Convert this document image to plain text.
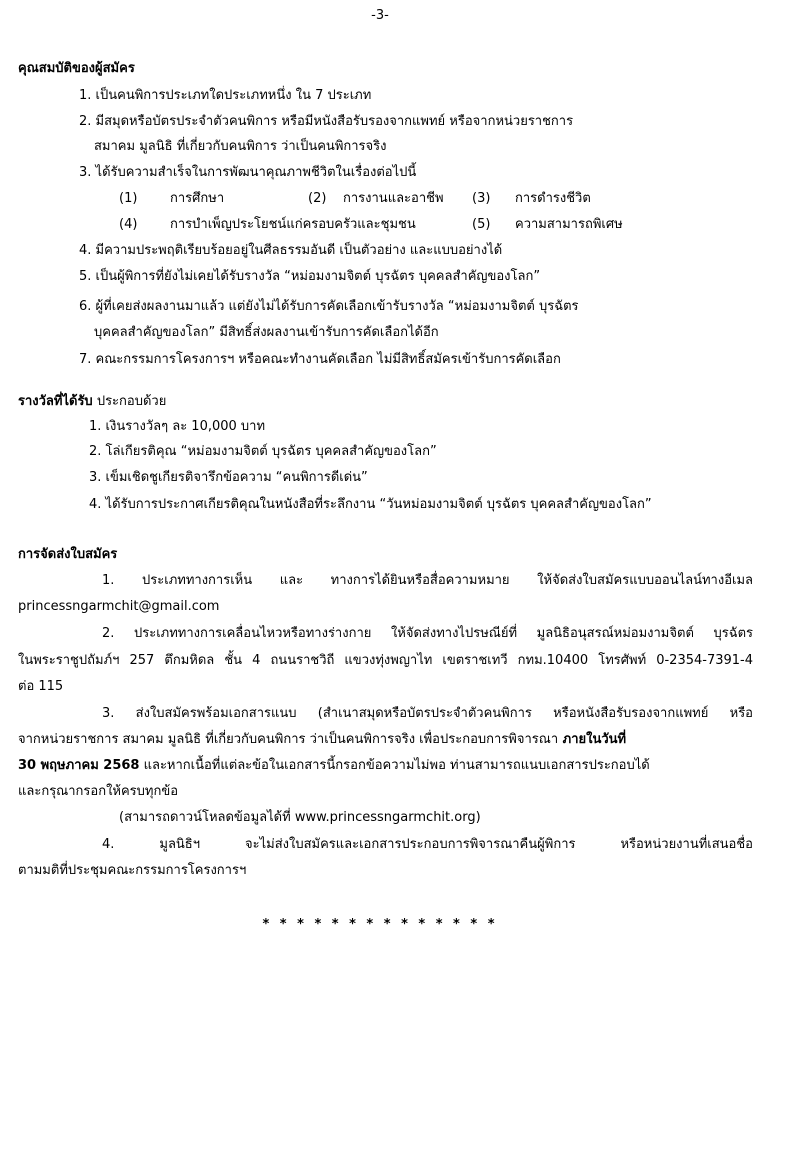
-3-
คุณสมบัติของผู้สมัคร
1. เป็นคนพิการประเภทใดประเภทหนึ่ง ใน 7 ประเภท
2. มีสมุดหรือบัตรประจำตัวคนพิการ หรือมีหนังสือรับรองจากแพทย์ หรือจากหน่วยราชการ
สมาคม มูลนิธิ ที่เกี่ยวกับคนพิการ ว่าเป็นคนพิการจริง
3. ได้รับความสำเร็จในการพัฒนาคุณภาพชีวิตในเรื่องต่อไปนี้
(1)	การศึกษา	(2) การงานและอาชีพ (3) การดำรงชีวิต
(4)	การบำเพ็ญประโยชน์แก่ครอบครัวและชุมชน	(5) ความสามารถพิเศษ
4. มีความประพฤติเรียบร้อยอยู่ในศีลธรรมอันดี เป็นตัวอย่าง และแบบอย่างได้
5. เป็นผู้พิการที่ยังไม่เคยได้รับรางวัล “หม่อมงามจิตต์ บุรฉัตร บุคคลสำคัญของโลก”
6. ผู้ที่เคยส่งผลงานมาแล้ว แต่ยังไม่ได้รับการคัดเลือกเข้ารับรางวัล “หม่อมงามจิตต์ บุรฉัตร
บุคคลสำคัญของโลก” มีสิทธิ์ส่งผลงานเข้ารับการคัดเลือกได้อีก
7. คณะกรรมการโครงการฯ หรือคณะทำงานคัดเลือก ไม่มีสิทธิ์สมัครเข้ารับการคัดเลือก
รางวัลที่ได้รับ ประกอบด้วย
1. เงินรางวัลๆ ละ 10,000 บาท
2. โล่เกียรติคุณ “หม่อมงามจิตต์ บุรฉัตร บุคคลสำคัญของโลก”
3. เข็มเชิดชูเกียรติจารึกข้อความ “คนพิการดีเด่น”
4. ได้รับการประกาศเกียรติคุณในหนังสือที่ระลึกงาน “วันหม่อมงามจิตต์ บุรฉัตร บุคคลสำคัญของโลก”
การจัดส่งใบสมัคร
1. ประเภททางการเห็น และ ทางการได้ยินหรือสื่อความหมาย ให้จัดส่งใบสมัครแบบออนไลน์ทางอีเมล
princessngarmchit@gmail.com
2. ประเภททางการเคลื่อนไหวหรือทางร่างกาย ให้จัดส่งทางไปรษณีย์ที่ มูลนิธิอนุสรณ์หม่อมงามจิตต์ บุรฉัตร
ในพระราชูปถัมภ์ฯ 257 ตึกมหิดล ชั้น 4 ถนนราชวิถี แขวงทุ่งพญาไท เขตราชเทวี กทม.10400 โทรศัพท์ 0-2354-7391-4
ต่อ 115
3. ส่งใบสมัครพร้อมเอกสารแนบ (สำเนาสมุดหรือบัตรประจำตัวคนพิการ หรือหนังสือรับรองจากแพทย์ หรือ
จากหน่วยราชการ สมาคม มูลนิธิ ที่เกี่ยวกับคนพิการ ว่าเป็นคนพิการจริง เพื่อประกอบการพิจารณา ภายในวันที่
30 พฤษภาคม 2568 และหากเนื้อที่แต่ละข้อในเอกสารนี้กรอกข้อความไม่พอ ท่านสามารถแนบเอกสารประกอบได้
และกรุณากรอกให้ครบทุกข้อ
(สามารถดาวน์โหลดข้อมูลได้ที่ www.princessngarmchit.org)
4. มูลนิธิฯ จะไม่ส่งใบสมัครและเอกสารประกอบการพิจารณาคืนผู้พิการ หรือหน่วยงานที่เสนอชื่อ
ตามมติที่ประชุมคณะกรรมการโครงการฯ
* * * * * * * * * * * * * *
